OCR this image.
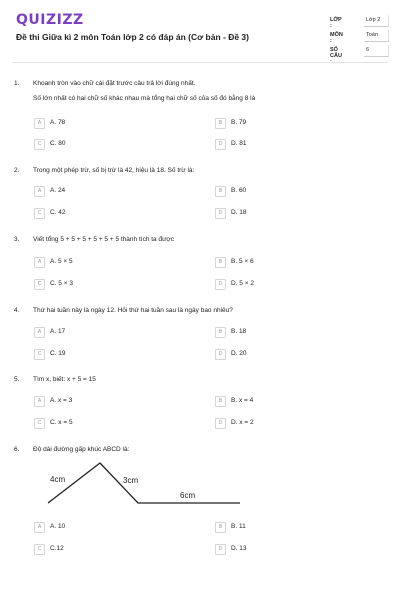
QUIZIZZ
Đề thi Giữa kì 2 môn Toán lớp 2 có đáp án (Cơ bản - Đề 3)
LỚP :
Lớp 2
MÔN :
Toán
SỐ CÂU :
6
1. Khoanh tròn vào chữ cái đặt trước câu trả lời đúng nhất.
Số lớn nhất có hai chữ số khác nhau mà tổng hai chữ số của số đó bằng 8 là
A	A. 78	B	B. 79
C	C. 80	D	D. 81
2. Trong một phép trừ, số bị trừ là 42, hiệu là 18. Số trừ là:
A	A. 24	B	B. 60
C	C. 42	D	D. 18
3. Viết tổng 5 + 5 + 5 + 5 + 5 + 5 thành tích ta được
A	A. 5 × 5	B	B. 5 × 6
C	C. 5 × 3	D	D. 5 × 2
4. Thứ hai tuần này là ngày 12. Hỏi thứ hai tuần sau là ngày bao nhiêu?
A	A. 17	B	B. 18
C	C. 19	D	D. 20
5. Tìm x, biết: x + 5 = 15
A	A. x = 3	B	B. x = 4
C	C. x = 5	D	D. x = 2
6. Độ dài đường gấp khúc ABCD là:
4cm	3cm
6cm
A	A. 10	B	B. 11
C	C.12	D	D. 13
